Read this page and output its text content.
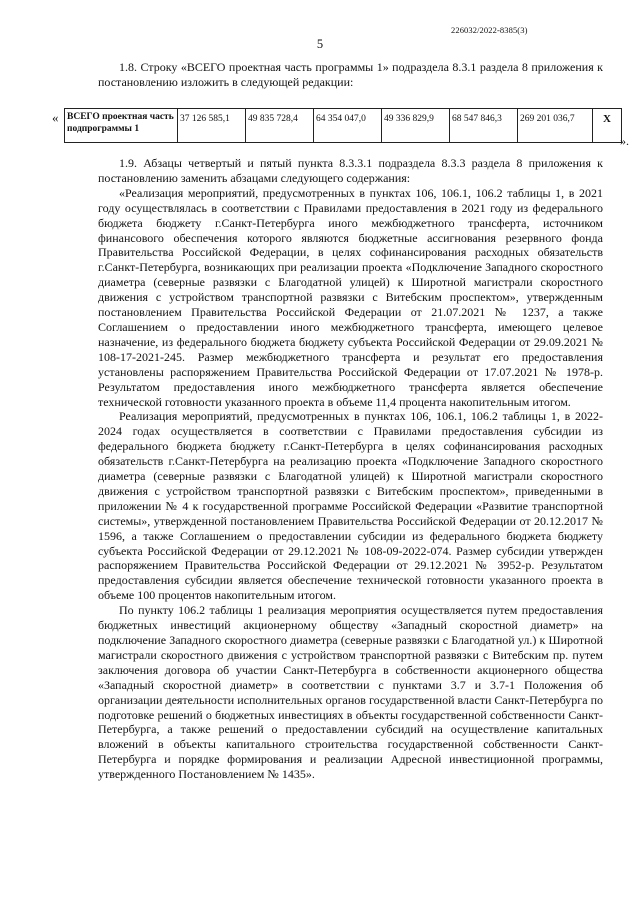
226032/2022-8385(3)
5

1.8. Строку «ВСЕГО проектная часть программы 1» подраздела 8.3.1 раздела 8 приложения к постановлению изложить в следующей редакции:

« ВСЕГО проектная часть подпрограммы 1	37 126 585,1	49 835 728,4	64 354 047,0	49 336 829,9	68 547 846,3	269 201 036,7	X
».

1.9. Абзацы четвертый и пятый пункта 8.3.3.1 подраздела 8.3.3 раздела 8 приложения к постановлению заменить абзацами следующего содержания:

«Реализация мероприятий, предусмотренных в пунктах 106, 106.1, 106.2 таблицы 1, в 2021 году осуществлялась в соответствии с Правилами предоставления в 2021 году из федерального бюджета бюджету г.Санкт-Петербурга иного межбюджетного трансферта, источником финансового обеспечения которого являются бюджетные ассигнования резервного фонда Правительства Российской Федерации, в целях софинансирования расходных обязательств г.Санкт-Петербурга, возникающих при реализации проекта «Подключение Западного скоростного диаметра (северные развязки с Благодатной улицей) к Широтной магистрали скоростного движения с устройством транспортной развязки с Витебским проспектом», утвержденным постановлением Правительства Российской Федерации от 21.07.2021 № 1237, а также Соглашением о предоставлении иного межбюджетного трансферта, имеющего целевое назначение, из федерального бюджета бюджету субъекта Российской Федерации от 29.09.2021 № 108-17-2021-245. Размер межбюджетного трансферта и результат его предоставления установлены распоряжением Правительства Российской Федерации от 17.07.2021 № 1978-р. Результатом предоставления иного межбюджетного трансферта является обеспечение технической готовности указанного проекта в объеме 11,4 процента накопительным итогом.

Реализация мероприятий, предусмотренных в пунктах 106, 106.1, 106.2 таблицы 1, в 2022-2024 годах осуществляется в соответствии с Правилами предоставления субсидии из федерального бюджета бюджету г.Санкт-Петербурга в целях софинансирования расходных обязательств г.Санкт-Петербурга на реализацию проекта «Подключение Западного скоростного диаметра (северные развязки с Благодатной улицей) к Широтной магистрали скоростного движения с устройством транспортной развязки с Витебским проспектом», приведенными в приложении № 4 к государственной программе Российской Федерации «Развитие транспортной системы», утвержденной постановлением Правительства Российской Федерации от 20.12.2017 № 1596, а также Соглашением о предоставлении субсидии из федерального бюджета бюджету субъекта Российской Федерации от 29.12.2021 № 108-09-2022-074. Размер субсидии утвержден распоряжением Правительства Российской Федерации от 29.12.2021 № 3952-р. Результатом предоставления субсидии является обеспечение технической готовности указанного проекта в объеме 100 процентов накопительным итогом.

По пункту 106.2 таблицы 1 реализация мероприятия осуществляется путем предоставления бюджетных инвестиций акционерному обществу «Западный скоростной диаметр» на подключение Западного скоростного диаметра (северные развязки с Благодатной ул.) к Широтной магистрали скоростного движения с устройством транспортной развязки с Витебским пр. путем заключения договора об участии Санкт-Петербурга в собственности акционерного общества «Западный скоростной диаметр» в соответствии с пунктами 3.7 и 3.7-1 Положения об организации деятельности исполнительных органов государственной власти Санкт-Петербурга по подготовке решений о бюджетных инвестициях в объекты государственной собственности Санкт-Петербурга, а также решений о предоставлении субсидий на осуществление капитальных вложений в объекты капитального строительства государственной собственности Санкт-Петербурга и порядке формирования и реализации Адресной инвестиционной программы, утвержденного Постановлением № 1435».
